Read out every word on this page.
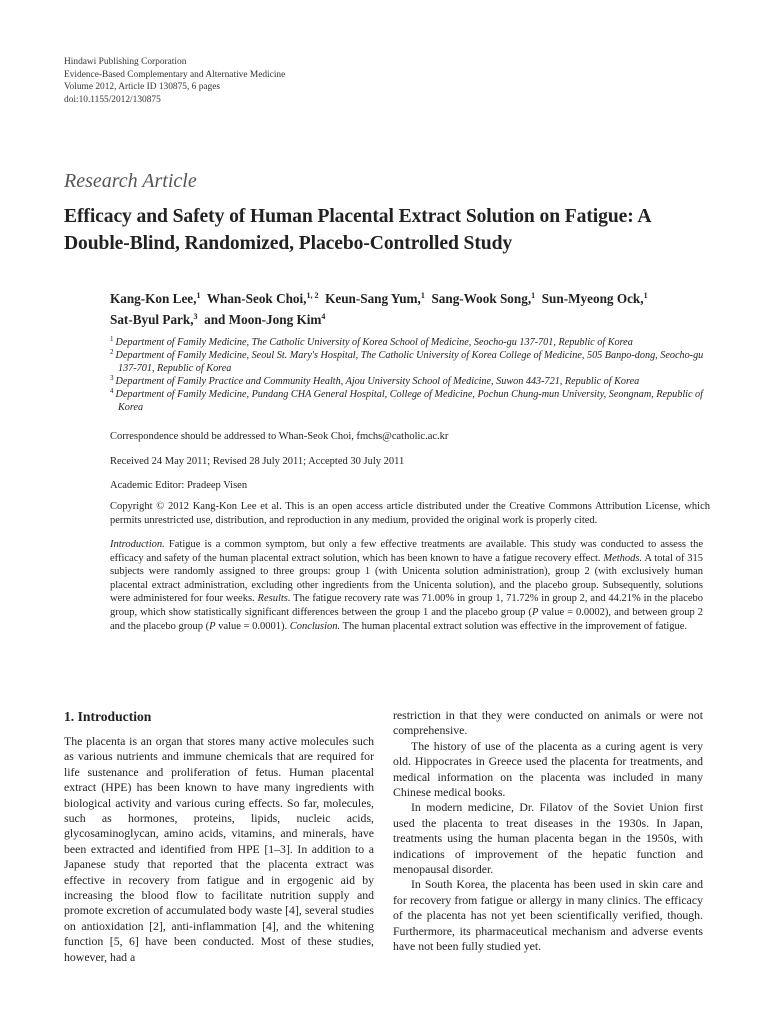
Hindawi Publishing Corporation
Evidence-Based Complementary and Alternative Medicine
Volume 2012, Article ID 130875, 6 pages
doi:10.1155/2012/130875
Research Article
Efficacy and Safety of Human Placental Extract Solution on Fatigue: A Double-Blind, Randomized, Placebo-Controlled Study
Kang-Kon Lee,$^1$ Whan-Seok Choi,$^{1, 2}$ Keun-Sang Yum,$^1$ Sang-Wook Song,$^1$ Sun-Myeong Ock,$^1$
Sat-Byul Park,$^3$ and Moon-Jong Kim$^4$

$^1$ Department of Family Medicine, The Catholic University of Korea School of Medicine, Seocho-gu 137-701, Republic of Korea

$^2$ Department of Family Medicine, Seoul St. Mary's Hospital, The Catholic University of Korea College of Medicine, 505 Banpo-dong, Seocho-gu 137-701, Republic of Korea

$^3$ Department of Family Practice and Community Health, Ajou University School of Medicine, Suwon 443-721, Republic of Korea

$^4$ Department of Family Medicine, Pundang CHA General Hospital, College of Medicine, Pochun Chung-mun University, Seongnam, Republic of Korea

Correspondence should be addressed to Whan-Seok Choi, fmchs@catholic.ac.kr
Received 24 May 2011; Revised 28 July 2011; Accepted 30 July 2011
Academic Editor: Pradeep Visen
Copyright © 2012 Kang-Kon Lee et al. This is an open access article distributed under the Creative Commons Attribution License, which permits unrestricted use, distribution, and reproduction in any medium, provided the original work is properly cited.
Introduction. Fatigue is a common symptom, but only a few effective treatments are available. This study was conducted to assess the efficacy and safety of the human placental extract solution, which has been known to have a fatigue recovery effect. Methods. A total of 315 subjects were randomly assigned to three groups: group 1 (with Unicenta solution administration), group 2 (with exclusively human placental extract administration, excluding other ingredients from the Unicenta solution), and the placebo group. Subsequently, solutions were administered for four weeks. Results. The fatigue recovery rate was 71.00% in group 1, 71.72% in group 2, and 44.21% in the placebo group, which show statistically significant differences between the group 1 and the placebo group (P value = 0.0002), and between group 2 and the placebo group (P value = 0.0001). Conclusion. The human placental extract solution was effective in the improvement of fatigue.
1. Introduction

The placenta is an organ that stores many active molecules such as various nutrients and immune chemicals that are required for life sustenance and proliferation of fetus. Human placental extract (HPE) has been known to have many ingredients with biological activity and various curing effects. So far, molecules, such as hormones, proteins, lipids, nucleic acids, glycosaminoglycan, amino acids, vitamins, and minerals, have been extracted and identified from HPE [1–3]. In addition to a Japanese study that reported that the placenta extract was effective in recovery from fatigue and in ergogenic aid by increasing the blood flow to facilitate nutrition supply and promote excretion of accumulated body waste [4], several studies on antioxidation [2], anti-inflammation [4], and the whitening function [5, 6] have been conducted. Most of these studies, however, had a

restriction in that they were conducted on animals or were not comprehensive.

The history of use of the placenta as a curing agent is very old. Hippocrates in Greece used the placenta for treatments, and medical information on the placenta was included in many Chinese medical books.

In modern medicine, Dr. Filatov of the Soviet Union first used the placenta to treat diseases in the 1930s. In Japan, treatments using the human placenta began in the 1950s, with indications of improvement of the hepatic function and menopausal disorder.

In South Korea, the placenta has been used in skin care and for recovery from fatigue or allergy in many clinics. The efficacy of the placenta has not yet been scientifically verified, though. Furthermore, its pharmaceutical mechanism and adverse events have not been fully studied yet.
